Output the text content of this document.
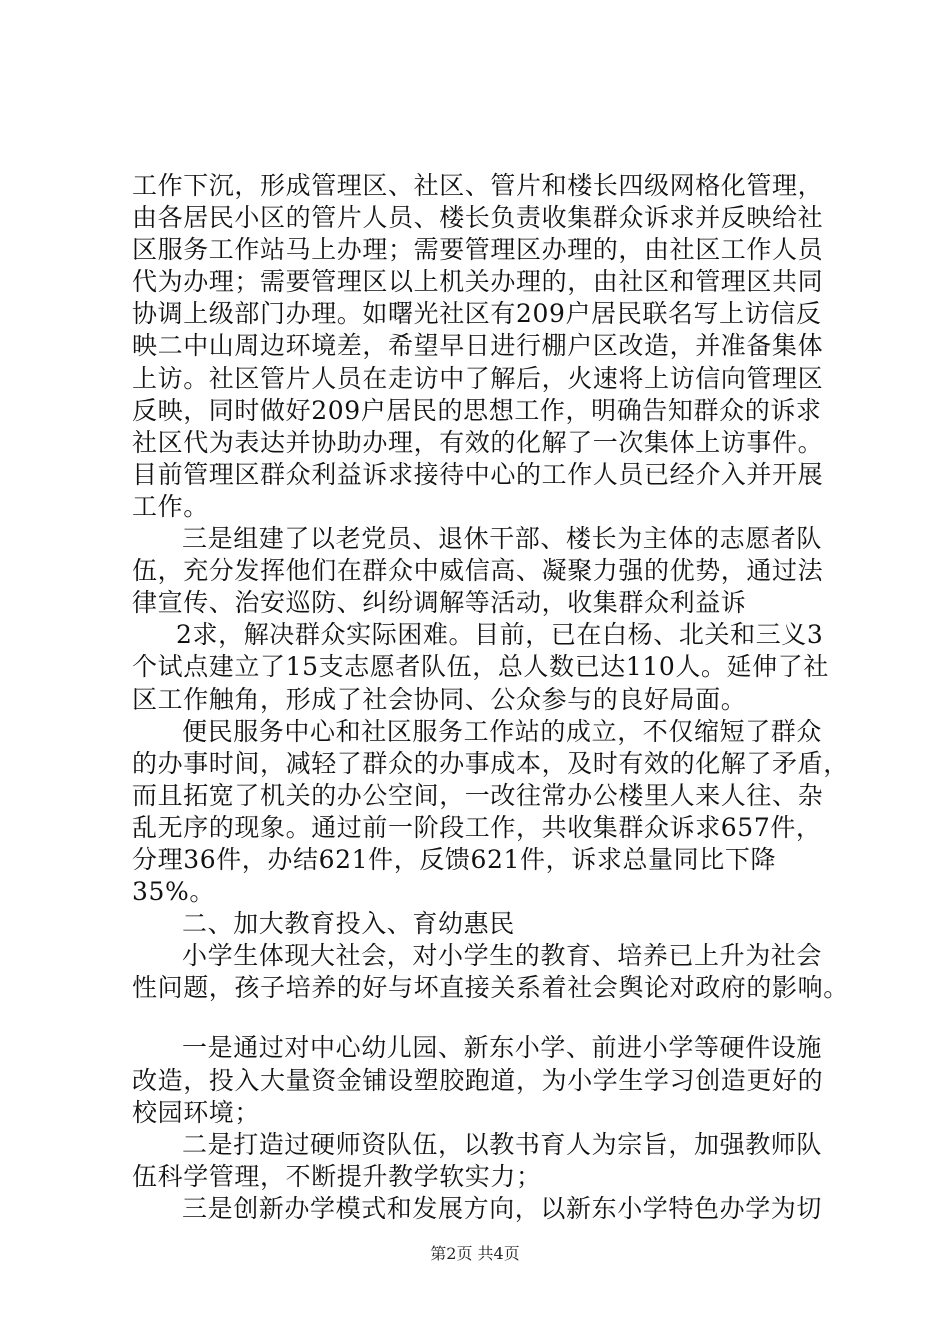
工作下沉，形成管理区、社区、管片和楼长四级网格化管理，
由各居民小区的管片人员、楼长负责收集群众诉求并反映给社
区服务工作站马上办理；需要管理区办理的，由社区工作人员
代为办理；需要管理区以上机关办理的，由社区和管理区共同
协调上级部门办理。如曙光社区有209户居民联名写上访信反
映二中山周边环境差，希望早日进行棚户区改造，并准备集体
上访。社区管片人员在走访中了解后，火速将上访信向管理区
反映，同时做好209户居民的思想工作，明确告知群众的诉求
社区代为表达并协助办理，有效的化解了一次集体上访事件。
目前管理区群众利益诉求接待中心的工作人员已经介入并开展
工作。
三是组建了以老党员、退休干部、楼长为主体的志愿者队
伍，充分发挥他们在群众中威信高、凝聚力强的优势，通过法
律宣传、治安巡防、纠纷调解等活动，收集群众利益诉
2求，解决群众实际困难。目前，已在白杨、北关和三义3
个试点建立了15支志愿者队伍，总人数已达110人。延伸了社
区工作触角，形成了社会协同、公众参与的良好局面。
便民服务中心和社区服务工作站的成立，不仅缩短了群众
的办事时间，减轻了群众的办事成本，及时有效的化解了矛盾，
而且拓宽了机关的办公空间，一改往常办公楼里人来人往、杂
乱无序的现象。通过前一阶段工作，共收集群众诉求657件，
分理36件，办结621件，反馈621件，诉求总量同比下降
35%。
二、加大教育投入、育幼惠民
小学生体现大社会，对小学生的教育、培养已上升为社会
性问题，孩子培养的好与坏直接关系着社会舆论对政府的影响。
一是通过对中心幼儿园、新东小学、前进小学等硬件设施
改造，投入大量资金铺设塑胶跑道，为小学生学习创造更好的
校园环境；
二是打造过硬师资队伍，以教书育人为宗旨，加强教师队
伍科学管理，不断提升教学软实力；
三是创新办学模式和发展方向，以新东小学特色办学为切
第2页 共4页
